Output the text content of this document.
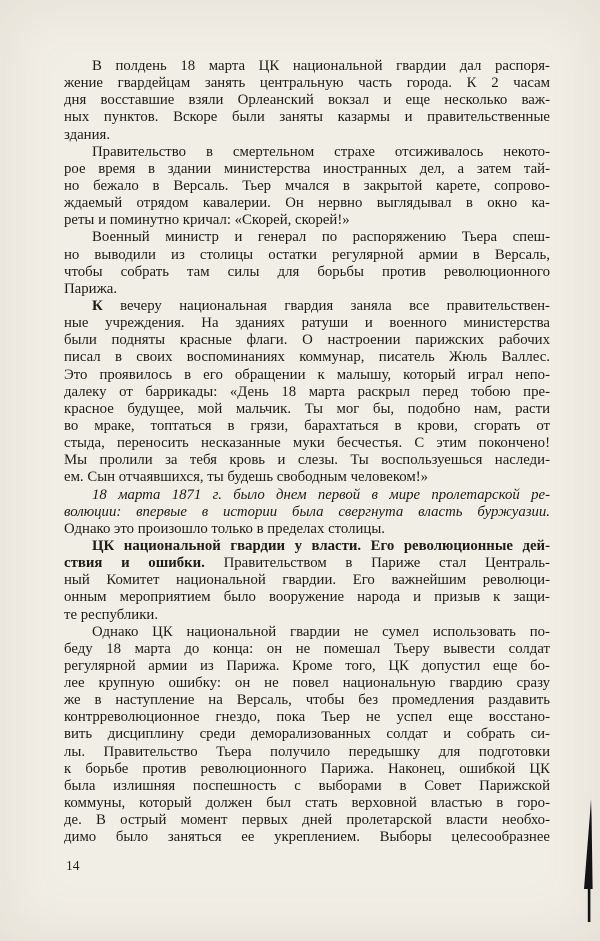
В полдень 18 марта ЦК национальной гвардии дал распоря-
жение гвардейцам занять центральную часть города. К 2 часам
дня восставшие взяли Орлеанский вокзал и еще несколько важ-
ных пунктов. Вскоре были заняты казармы и правительственные
здания.
Правительство в смертельном страхе отсиживалось некото-
рое время в здании министерства иностранных дел, а затем тай-
но бежало в Версаль. Тьер мчался в закрытой карете, сопрово-
ждаемый отрядом кавалерии. Он нервно выглядывал в окно ка-
реты и поминутно кричал: «Скорей, скорей!»
Военный министр и генерал по распоряжению Тьера спеш-
но выводили из столицы остатки регулярной армии в Версаль,
чтобы собрать там силы для борьбы против революционного
Парижа.
К вечеру национальная гвардия заняла все правительствен-
ные учреждения. На зданиях ратуши и военного министерства
были подняты красные флаги. О настроении парижских рабочих
писал в своих воспоминаниях коммунар, писатель Жюль Валлес.
Это проявилось в его обращении к малышу, который играл непо-
далеку от баррикады: «День 18 марта раскрыл перед тобою пре-
красное будущее, мой мальчик. Ты мог бы, подобно нам, расти
во мраке, топтаться в грязи, барахтаться в крови, сгорать от
стыда, переносить несказанные муки бесчестья. С этим покончено!
Мы пролили за тебя кровь и слезы. Ты воспользуешься наследи-
ем. Сын отчаявшихся, ты будешь свободным человеком!»
18 марта 1871 г. было днем первой в мире пролетарской ре-
волюции: впервые в истории была свергнута власть буржуазии.
Однако это произошло только в пределах столицы.
ЦК национальной гвардии у власти. Его революционные дей-
ствия и ошибки. Правительством в Париже стал Централь-
ный Комитет национальной гвардии. Его важнейшим революци-
онным мероприятием было вооружение народа и призыв к защи-
те республики.
Однако ЦК национальной гвардии не сумел использовать по-
беду 18 марта до конца: он не помешал Тьеру вывести солдат
регулярной армии из Парижа. Кроме того, ЦК допустил еще бо-
лее крупную ошибку: он не повел национальную гвардию сразу
же в наступление на Версаль, чтобы без промедления раздавить
контрреволюционное гнездо, пока Тьер не успел еще восстано-
вить дисциплину среди деморализованных солдат и собрать си-
лы. Правительство Тьера получило передышку для подготовки
к борьбе против революционного Парижа. Наконец, ошибкой ЦК
была излишняя поспешность с выборами в Совет Парижской
коммуны, который должен был стать верховной властью в горо-
де. В острый момент первых дней пролетарской власти необхо-
димо было заняться ее укреплением. Выборы целесообразнее
14
